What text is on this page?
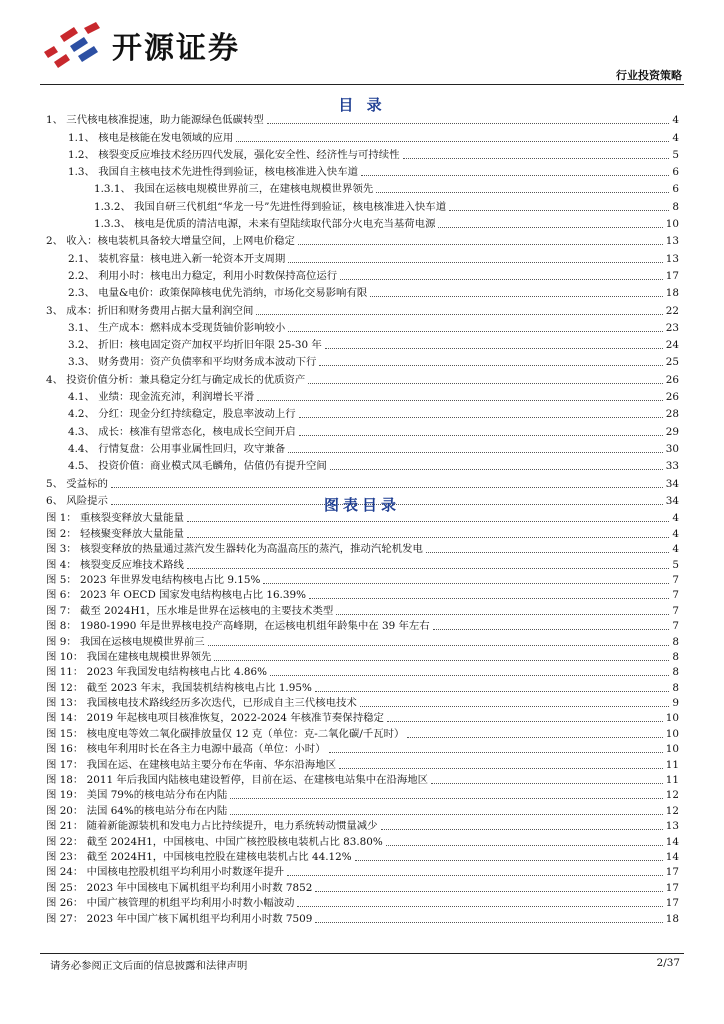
开源证券
行业投资策略
目 录
1、 三代核电核准提速，助力能源绿色低碳转型	4
1.1、 核电是核能在发电领域的应用	4
1.2、 核裂变反应堆技术经历四代发展，强化安全性、经济性与可持续性	5
1.3、 我国自主核电技术先进性得到验证，核电核准进入快车道	6
1.3.1、 我国在运核电规模世界前三，在建核电规模世界领先	6
1.3.2、 我国自研三代机组“华龙一号”先进性得到验证，核电核准进入快车道	8
1.3.3、 核电是优质的清洁电源，未来有望陆续取代部分火电充当基荷电源	10
2、 收入：核电装机具备较大增量空间，上网电价稳定	13
2.1、 装机容量：核电进入新一轮资本开支周期	13
2.2、 利用小时：核电出力稳定，利用小时数保持高位运行	17
2.3、 电量&电价：政策保障核电优先消纳，市场化交易影响有限	18
3、 成本：折旧和财务费用占据大量利润空间	22
3.1、 生产成本：燃料成本受现货铀价影响较小	23
3.2、 折旧：核电固定资产加权平均折旧年限 25-30 年	24
3.3、 财务费用：资产负债率和平均财务成本波动下行	25
4、 投资价值分析：兼具稳定分红与确定成长的优质资产	26
4.1、 业绩：现金流充沛，利润增长平滑	26
4.2、 分红：现金分红持续稳定，股息率波动上行	28
4.3、 成长：核准有望常态化，核电成长空间开启	29
4.4、 行情复盘：公用事业属性回归，攻守兼备	30
4.5、 投资价值：商业模式凤毛麟角，估值仍有提升空间	33
5、 受益标的	34
6、 风险提示	34
图表目录
图 1： 重核裂变释放大量能量	4
图 2： 轻核聚变释放大量能量	4
图 3： 核裂变释放的热量通过蒸汽发生器转化为高温高压的蒸汽，推动汽轮机发电	4
图 4： 核裂变反应堆技术路线	5
图 5： 2023 年世界发电结构核电占比 9.15%	7
图 6： 2023 年 OECD 国家发电结构核电占比 16.39%	7
图 7： 截至 2024H1，压水堆是世界在运核电的主要技术类型	7
图 8： 1980-1990 年是世界核电投产高峰期，在运核电机组年龄集中在 39 年左右	7
图 9： 我国在运核电规模世界前三	8
图 10： 我国在建核电规模世界领先	8
图 11： 2023 年我国发电结构核电占比 4.86%	8
图 12： 截至 2023 年末，我国装机结构核电占比 1.95%	8
图 13： 我国核电技术路线经历多次迭代，已形成自主三代核电技术	9
图 14： 2019 年起核电项目核准恢复，2022-2024 年核准节奏保持稳定	10
图 15： 核电度电等效二氧化碳排放量仅 12 克（单位：克-二氧化碳/千瓦时）	10
图 16： 核电年利用时长在各主力电源中最高（单位：小时）	10
图 17： 我国在运、在建核电站主要分布在华南、华东沿海地区	11
图 18： 2011 年后我国内陆核电建设暂停，目前在运、在建核电站集中在沿海地区	11
图 19： 美国 79%的核电站分布在内陆	12
图 20： 法国 64%的核电站分布在内陆	12
图 21： 随着新能源装机和发电力占比持续提升，电力系统转动惯量减少	13
图 22： 截至 2024H1，中国核电、中国广核控股核电装机占比 83.80%	14
图 23： 截至 2024H1，中国核电控股在建核电装机占比 44.12%	14
图 24： 中国核电控股机组平均利用小时数逐年提升	17
图 25： 2023 年中国核电下属机组平均利用小时数 7852	17
图 26： 中国广核管理的机组平均利用小时数小幅波动	17
图 27： 2023 年中国广核下属机组平均利用小时数 7509	18
请务必参阅正文后面的信息披露和法律声明	2/37
